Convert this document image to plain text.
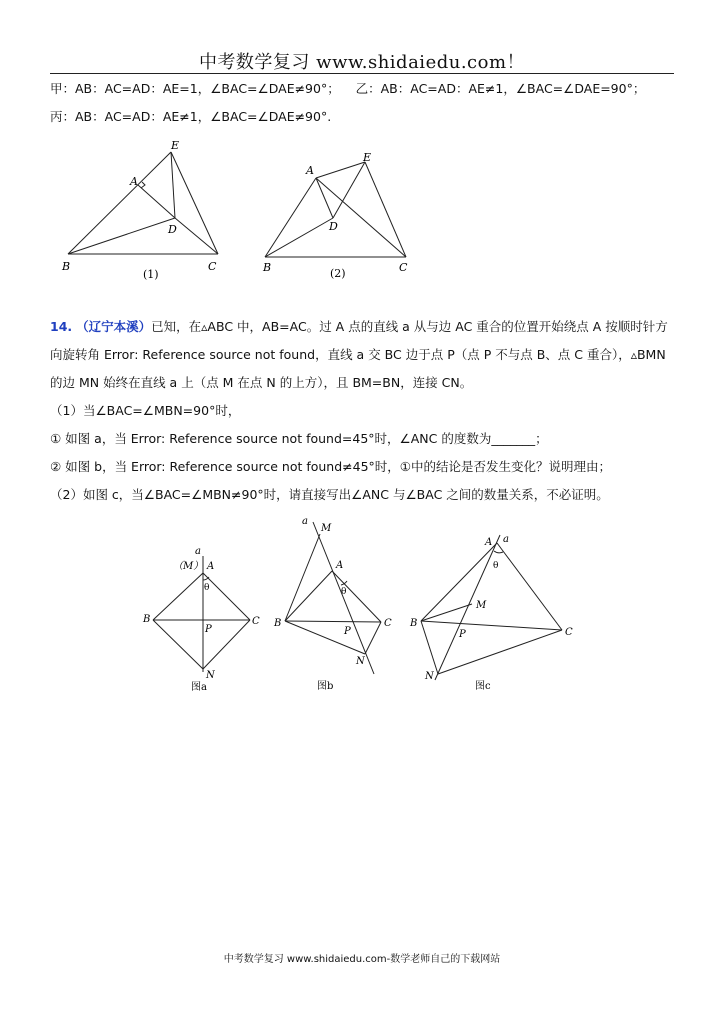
中考数学复习 www.shidaiedu.com！
甲：AB：AC=AD：AE=1，∠BAC=∠DAE≠90°； 乙：AB：AC=AD：AE≠1，∠BAC=∠DAE=90°；
丙：AB：AC=AD：AE≠1，∠BAC=∠DAE≠90°.
E
A
D
B	C
(1)
A
E
D
B	C
(2)
14. （辽宁本溪）已知，在▵ABC 中，AB=AC。过 A 点的直线 a 从与边 AC 重合的位置开始绕点 A 按顺时针方
向旋转角 Error: Reference source not found，直线 a 交 BC 边于点 P（点 P 不与点 B、点 C 重合），▵BMN
的边 MN 始终在直线 a 上（点 M 在点 N 的上方），且 BM=BN，连接 CN。
（1）当∠BAC=∠MBN=90°时，
① 如图 a，当 Error: Reference source not found=45°时，∠ANC 的度数为_______；
② 如图 b，当 Error: Reference source not found≠45°时，①中的结论是否发生变化？说明理由；
（2）如图 c，当∠BAC=∠MBN≠90°时，请直接写出∠ANC 与∠BAC 之间的数量关系，不必证明。
a
（M） A
θ
B	C
P
N
图a
a
M
A
θ
B	C
P
N
图b
A a
θ
M
B
P	C
N
图c
中考数学复习 www.shidaiedu.com-数学老师自己的下载网站
